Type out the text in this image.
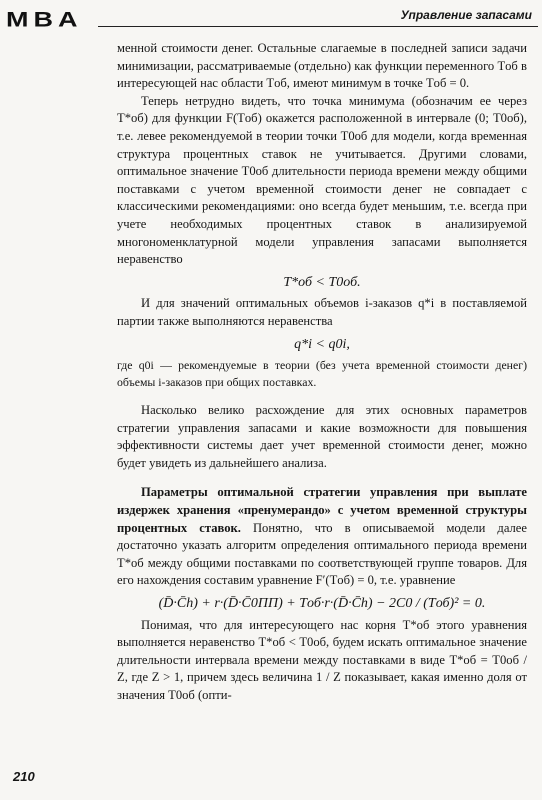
MBA	Управление запасами

менной стоимости денег. Остальные слагаемые в последней записи задачи минимизации, рассматриваемые (отдельно) как функции переменного Tоб в интересующей нас области Tоб, имеют минимум в точке Tоб = 0.

Теперь нетрудно видеть, что точка минимума (обозначим ее через T*об) для функции F(Tоб) окажется расположенной в интервале (0; T0об), т.е. левее рекомендуемой в теории точки T0об для модели, когда временная структура процентных ставок не учитывается. Другими словами, оптимальное значение T0об длительности периода времени между общими поставками с учетом временной стоимости денег не совпадает с классическими рекомендациями: оно всегда будет меньшим, т.е. всегда при учете необходимых процентных ставок в анализируемой многономенклатурной модели управления запасами выполняется неравенство

T*об < T0об.

И для значений оптимальных объемов i-заказов q*i в поставляемой партии также выполняются неравенства

q*i < q0i,

где q0i — рекомендуемые в теории (без учета временной стоимости денег) объемы i-заказов при общих поставках.

Насколько велико расхождение для этих основных параметров стратегии управления запасами и какие возможности для повышения эффективности системы дает учет временной стоимости денег, можно будет увидеть из дальнейшего анализа.

Параметры оптимальной стратегии управления при выплате издержек хранения «пренумерандо» с учетом временной структуры процентных ставок. Понятно, что в описываемой модели далее достаточно указать алгоритм определения оптимального периода времени T*об между общими поставками по соответствующей группе товаров. Для его нахождения составим уравнение F′(Tоб) = 0, т.е. уравнение

(D̄·C̄h) + r·(D̄·C̄0ПП) + Tоб·r·(D̄·C̄h) − 2C0 / (Tоб)² = 0.

Понимая, что для интересующего нас корня T*об этого уравнения выполняется неравенство T*об < T0об, будем искать оптимальное значение длительности интервала времени между поставками в виде T*об = T0об / Z, где Z > 1, причем здесь величина 1 / Z показывает, какая именно доля от значения T0об (опти-

210
